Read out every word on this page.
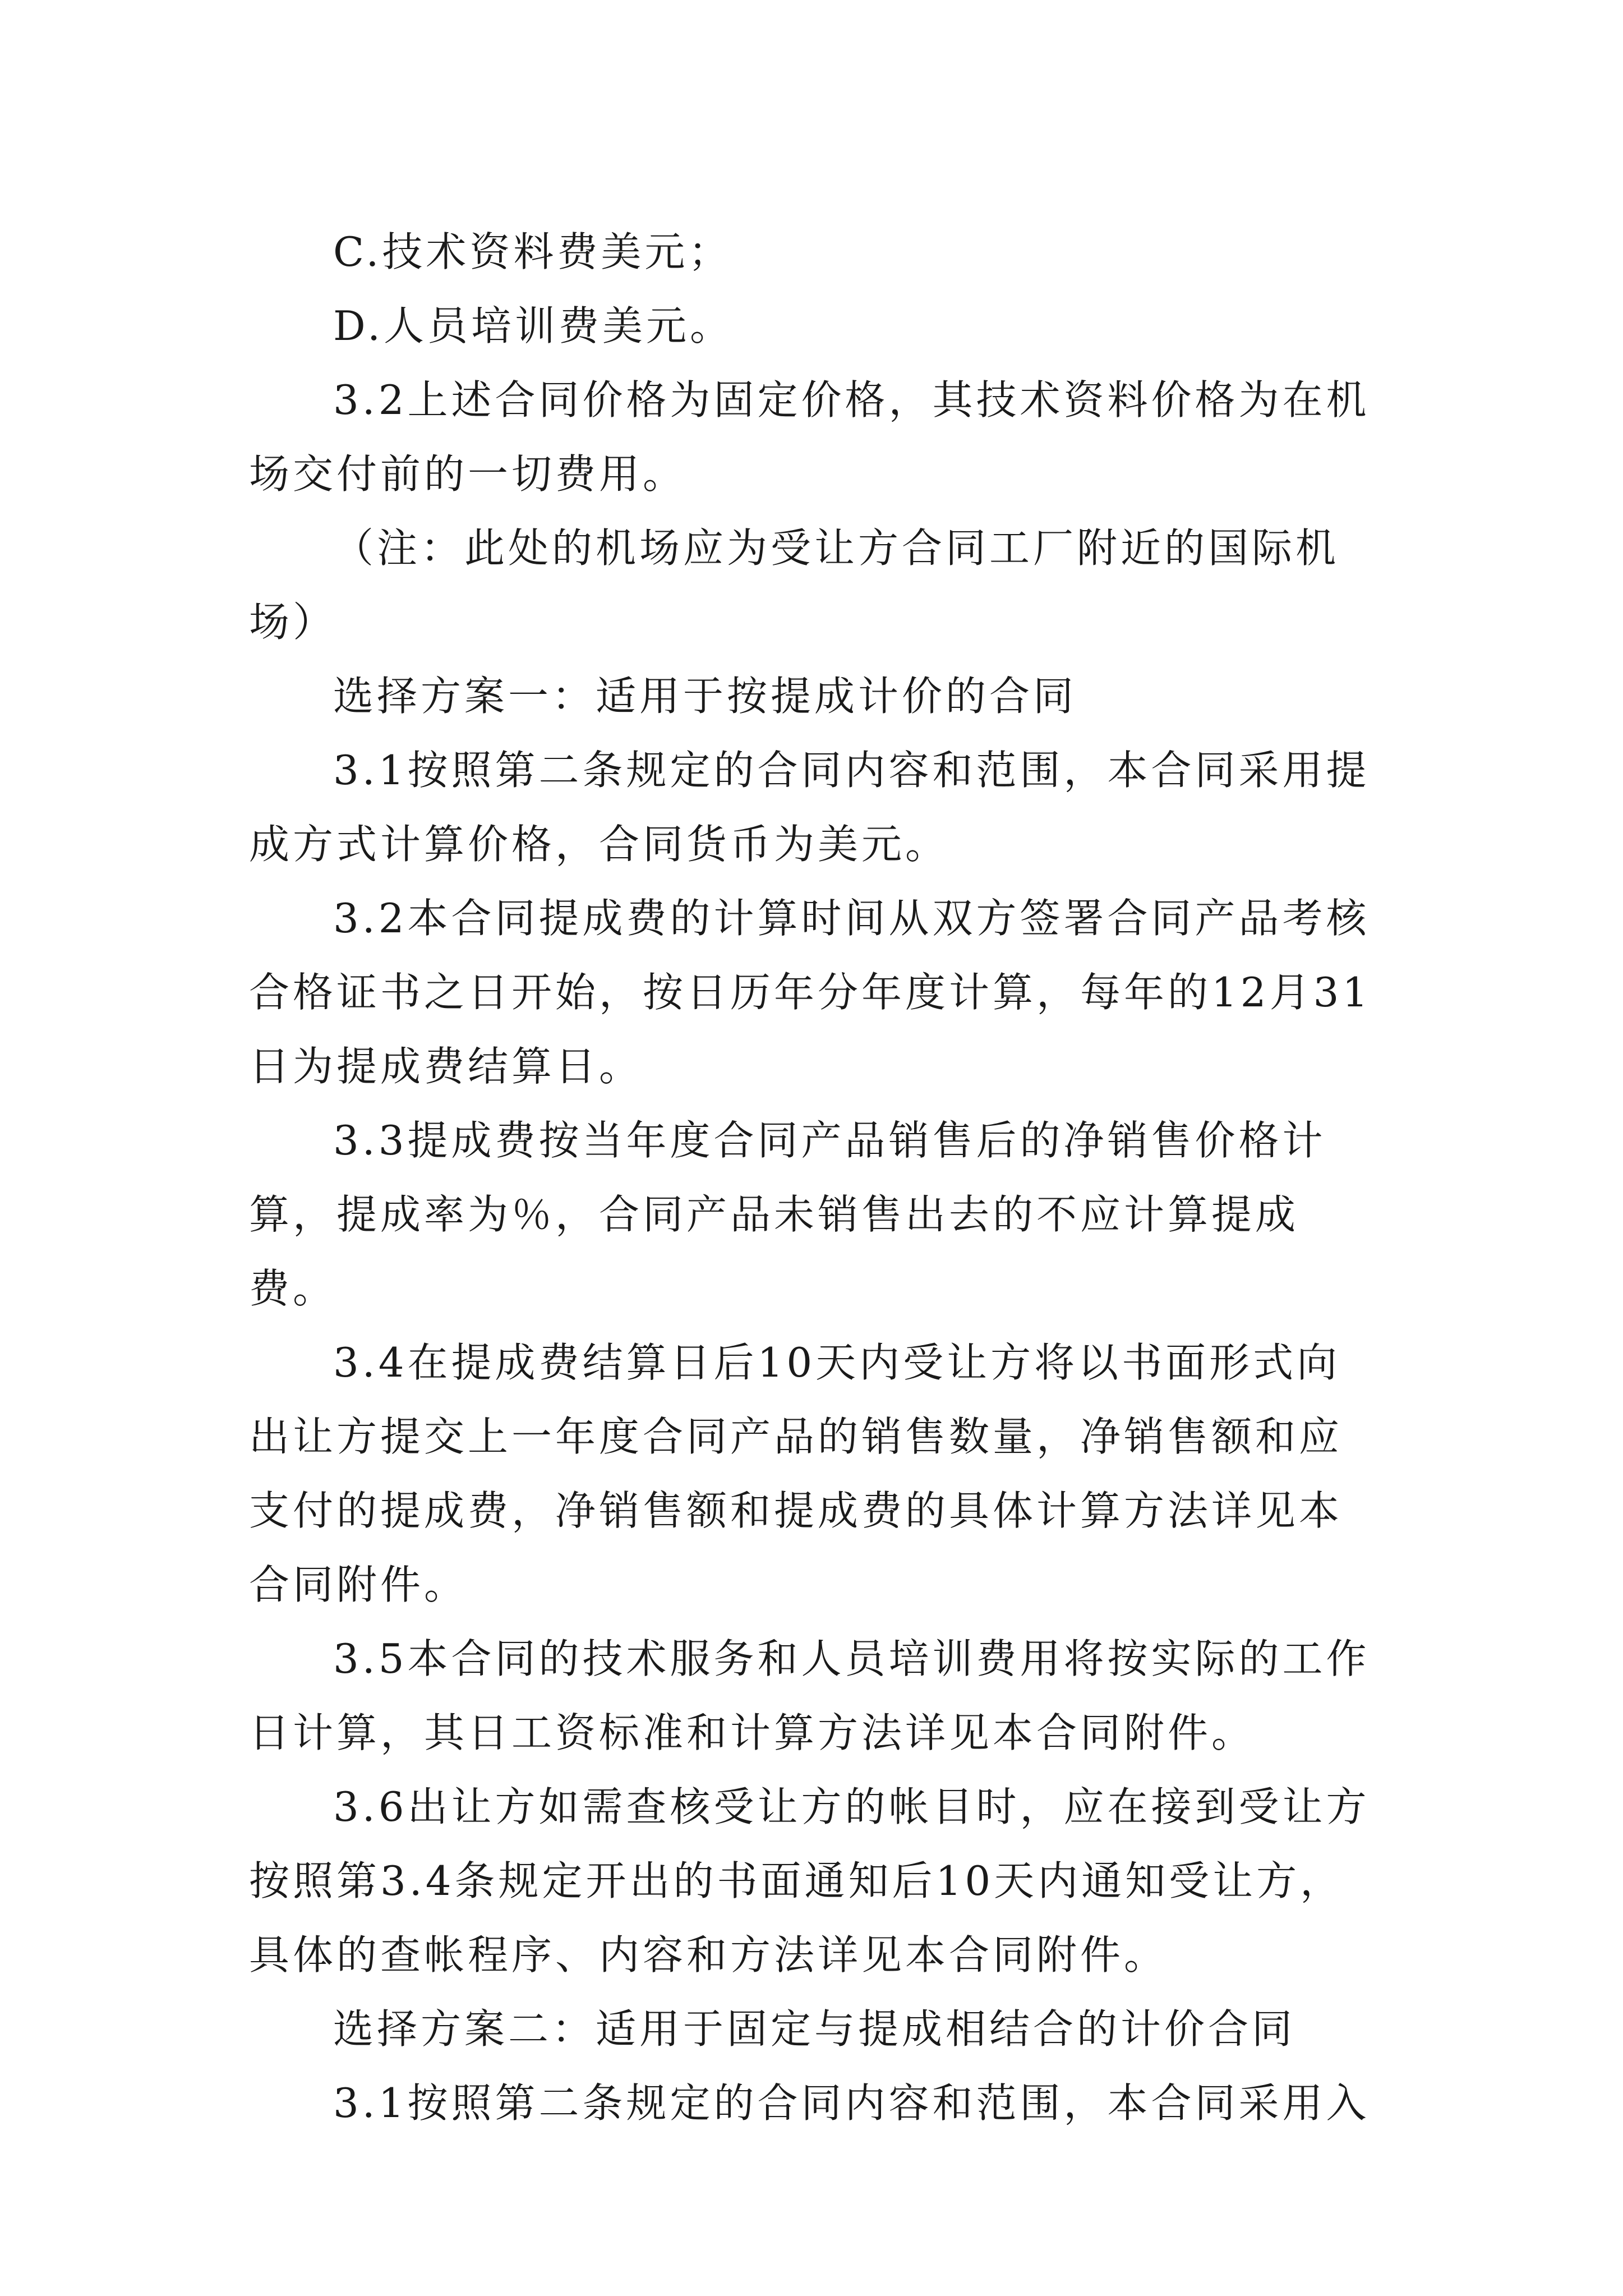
C.技术资料费美元；

D.人员培训费美元。

3.2上述合同价格为固定价格，其技术资料价格为在机场交付前的一切费用。

（注：此处的机场应为受让方合同工厂附近的国际机场）

选择方案一：适用于按提成计价的合同

3.1按照第二条规定的合同内容和范围，本合同采用提成方式计算价格，合同货币为美元。

3.2本合同提成费的计算时间从双方签署合同产品考核合格证书之日开始，按日历年分年度计算，每年的12月31日为提成费结算日。

3.3提成费按当年度合同产品销售后的净销售价格计算，提成率为％，合同产品未销售出去的不应计算提成费。

3.4在提成费结算日后10天内受让方将以书面形式向出让方提交上一年度合同产品的销售数量，净销售额和应支付的提成费，净销售额和提成费的具体计算方法详见本合同附件。

3.5本合同的技术服务和人员培训费用将按实际的工作日计算，其日工资标准和计算方法详见本合同附件。

3.6出让方如需查核受让方的帐目时，应在接到受让方按照第3.4条规定开出的书面通知后10天内通知受让方，具体的查帐程序、内容和方法详见本合同附件。

选择方案二：适用于固定与提成相结合的计价合同

3.1按照第二条规定的合同内容和范围，本合同采用入
